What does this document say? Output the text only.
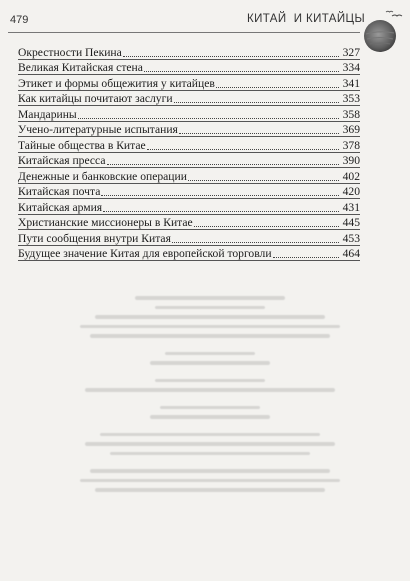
479	КИТАЙ  И КИТАЙЦЫ
Окрестности Пекина	327
Великая Китайская стена	334
Этикет и формы общежития у китайцев	341
Как китайцы почитают заслуги	353
Мандарины	358
Учено-литературные испытания	369
Тайные общества в Китае	378
Китайская пресса	390
Денежные и банковские операции	402
Китайская почта	420
Китайская армия	431
Христианские миссионеры в Китае	445
Пути сообщения внутри Китая	453
Будущее значение Китая для европейской торговли	464
